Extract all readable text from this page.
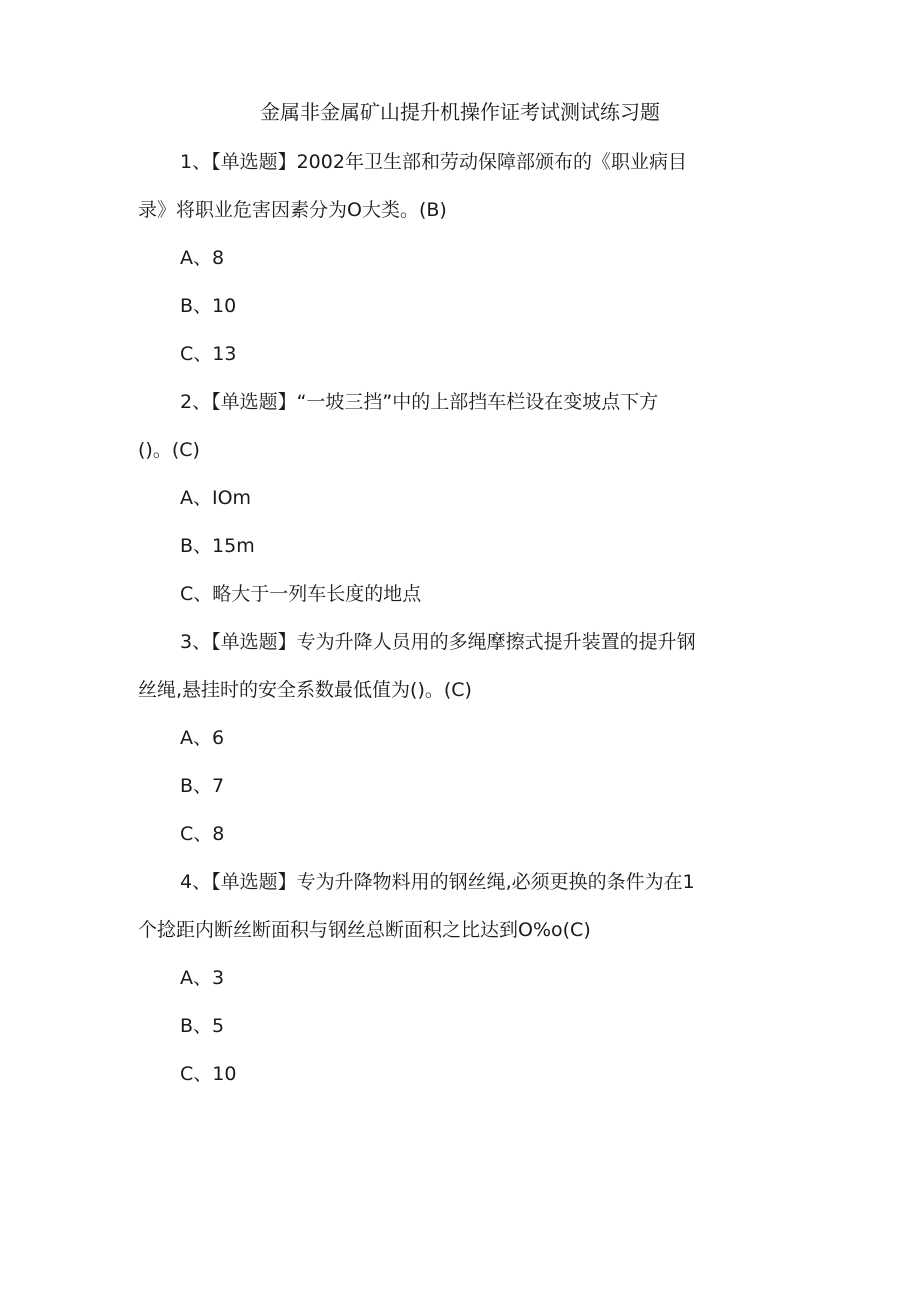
金属非金属矿山提升机操作证考试测试练习题
1、【单选题】2002年卫生部和劳动保障部颁布的《职业病目
录》将职业危害因素分为O大类。(B)
A、8
B、10
C、13
2、【单选题】“一坡三挡”中的上部挡车栏设在变坡点下方
()。(C)
A、IOm
B、15m
C、略大于一列车长度的地点
3、【单选题】专为升降人员用的多绳摩擦式提升装置的提升钢
丝绳,悬挂时的安全系数最低值为()。(C)
A、6
B、7
C、8
4、【单选题】专为升降物料用的钢丝绳,必须更换的条件为在1
个捻距内断丝断面积与钢丝总断面积之比达到O%o(C)
A、3
B、5
C、10
